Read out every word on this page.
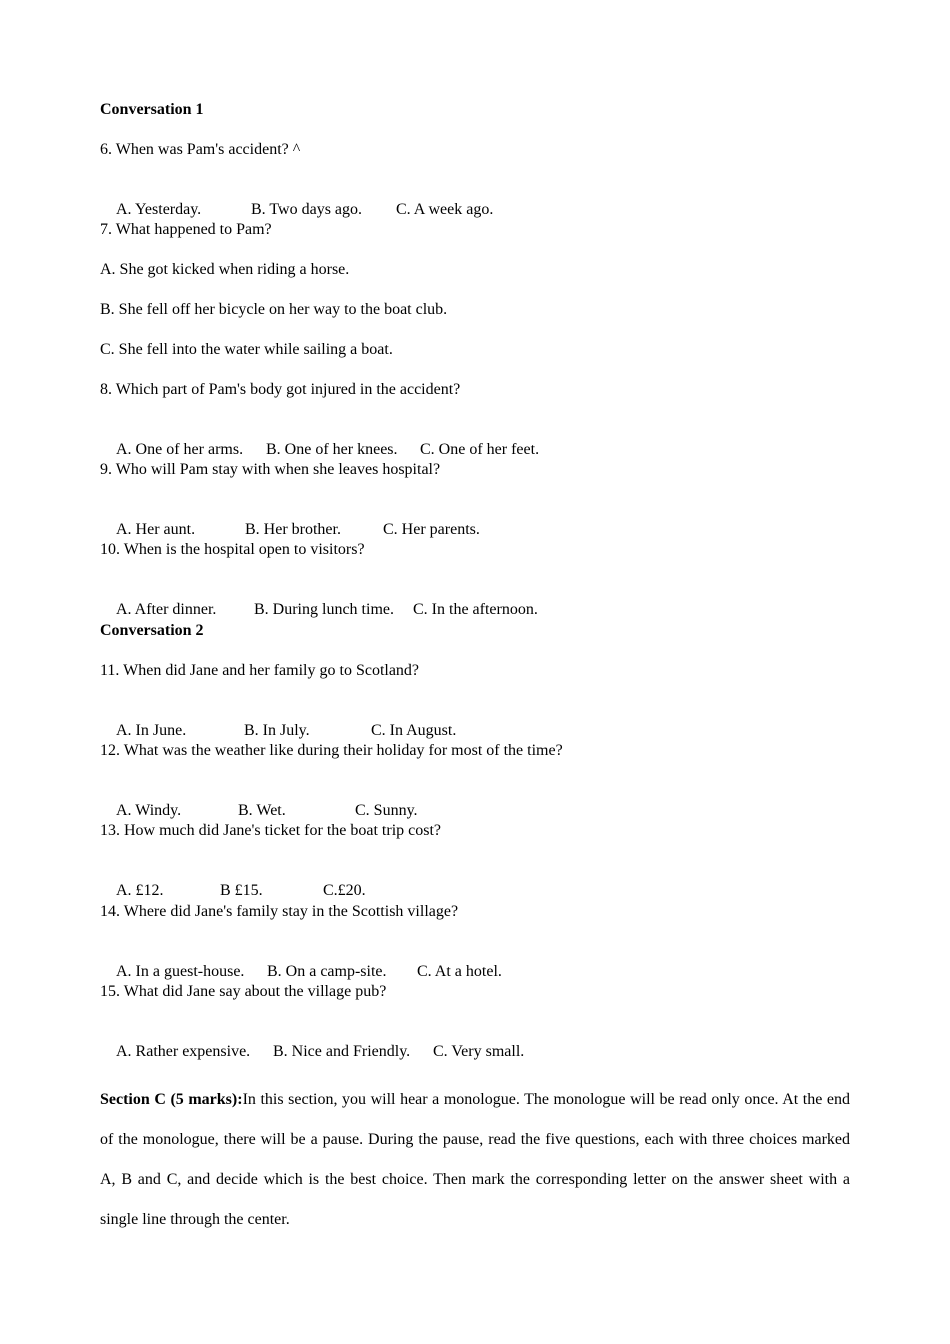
Conversation 1
6. When was Pam's accident? ^

A. Yesterday.	B. Two days ago. C. A week ago.

7. What happened to Pam?
A. She got kicked when riding a horse.
B. She fell off her bicycle on her way to the boat club.
C. She fell into the water while sailing a boat.
8. Which part of Pam's body got injured in the accident?

A. One of her arms. B. One of her knees. C. One of her feet.

9. Who will Pam stay with when she leaves hospital?

A. Her aunt.	B. Her brother.	C. Her parents.

10. When is the hospital open to visitors?

A. After dinner. B. During lunch time. C. In the afternoon.

Conversation 2
11. When did Jane and her family go to Scotland?

A. In June.	B. In July.	C. In August.

12. What was the weather like during their holiday for most of the time?

A. Windy.	B. Wet.	C. Sunny.

13. How much did Jane's ticket for the boat trip cost?

A. £12.	B £15.	C.£20.

14. Where did Jane's family stay in the Scottish village?

A. In a guest-house. B. On a camp-site. C. At a hotel.

15. What did Jane say about the village pub?

A. Rather expensive. B. Nice and Friendly. C. Very small.

Section C (5 marks):In this section, you will hear a monologue. The monologue will be read only once. At the end of the monologue, there will be a pause. During the pause, read the five questions, each with three choices marked A, B and C, and decide which is the best choice. Then mark the corresponding letter on the answer sheet with a single line through the center.
